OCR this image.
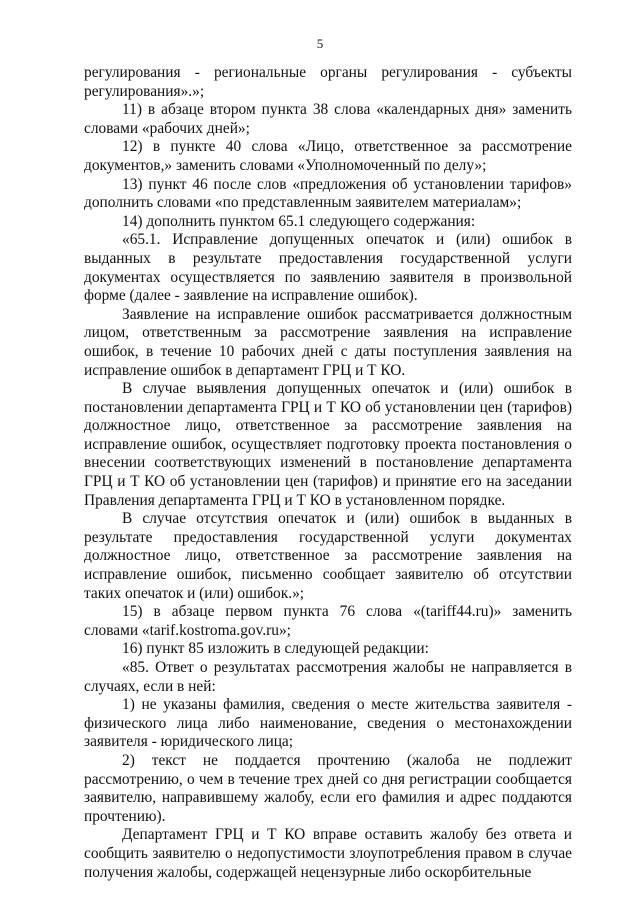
5

регулирования - региональные органы регулирования - субъекты регулирования».»;

11) в абзаце втором пункта 38 слова «календарных дня» заменить словами «рабочих дней»;

12) в пункте 40 слова «Лицо, ответственное за рассмотрение документов,» заменить словами «Уполномоченный по делу»;

13) пункт 46 после слов «предложения об установлении тарифов» дополнить словами «по представленным заявителем материалам»;

14) дополнить пунктом 65.1 следующего содержания:

«65.1. Исправление допущенных опечаток и (или) ошибок в выданных в результате предоставления государственной услуги документах осуществляется по заявлению заявителя в произвольной форме (далее - заявление на исправление ошибок).

Заявление на исправление ошибок рассматривается должностным лицом, ответственным за рассмотрение заявления на исправление ошибок, в течение 10 рабочих дней с даты поступления заявления на исправление ошибок в департамент ГРЦ и Т КО.

В случае выявления допущенных опечаток и (или) ошибок в постановлении департамента ГРЦ и Т КО об установлении цен (тарифов) должностное лицо, ответственное за рассмотрение заявления на исправление ошибок, осуществляет подготовку проекта постановления о внесении соответствующих изменений в постановление департамента ГРЦ и Т КО об установлении цен (тарифов) и принятие его на заседании Правления департамента ГРЦ и Т КО в установленном порядке.

В случае отсутствия опечаток и (или) ошибок в выданных в результате предоставления государственной услуги документах должностное лицо, ответственное за рассмотрение заявления на исправление ошибок, письменно сообщает заявителю об отсутствии таких опечаток и (или) ошибок.»;

15) в абзаце первом пункта 76 слова «(tariff44.ru)» заменить словами «tarif.kostroma.gov.ru»;

16) пункт 85 изложить в следующей редакции:

«85. Ответ о результатах рассмотрения жалобы не направляется в случаях, если в ней:

1) не указаны фамилия, сведения о месте жительства заявителя - физического лица либо наименование, сведения о местонахождении заявителя - юридического лица;

2) текст не поддается прочтению (жалоба не подлежит рассмотрению, о чем в течение трех дней со дня регистрации сообщается заявителю, направившему жалобу, если его фамилия и адрес поддаются прочтению).

Департамент ГРЦ и Т КО вправе оставить жалобу без ответа и сообщить заявителю о недопустимости злоупотребления правом в случае получения жалобы, содержащей нецензурные либо оскорбительные
